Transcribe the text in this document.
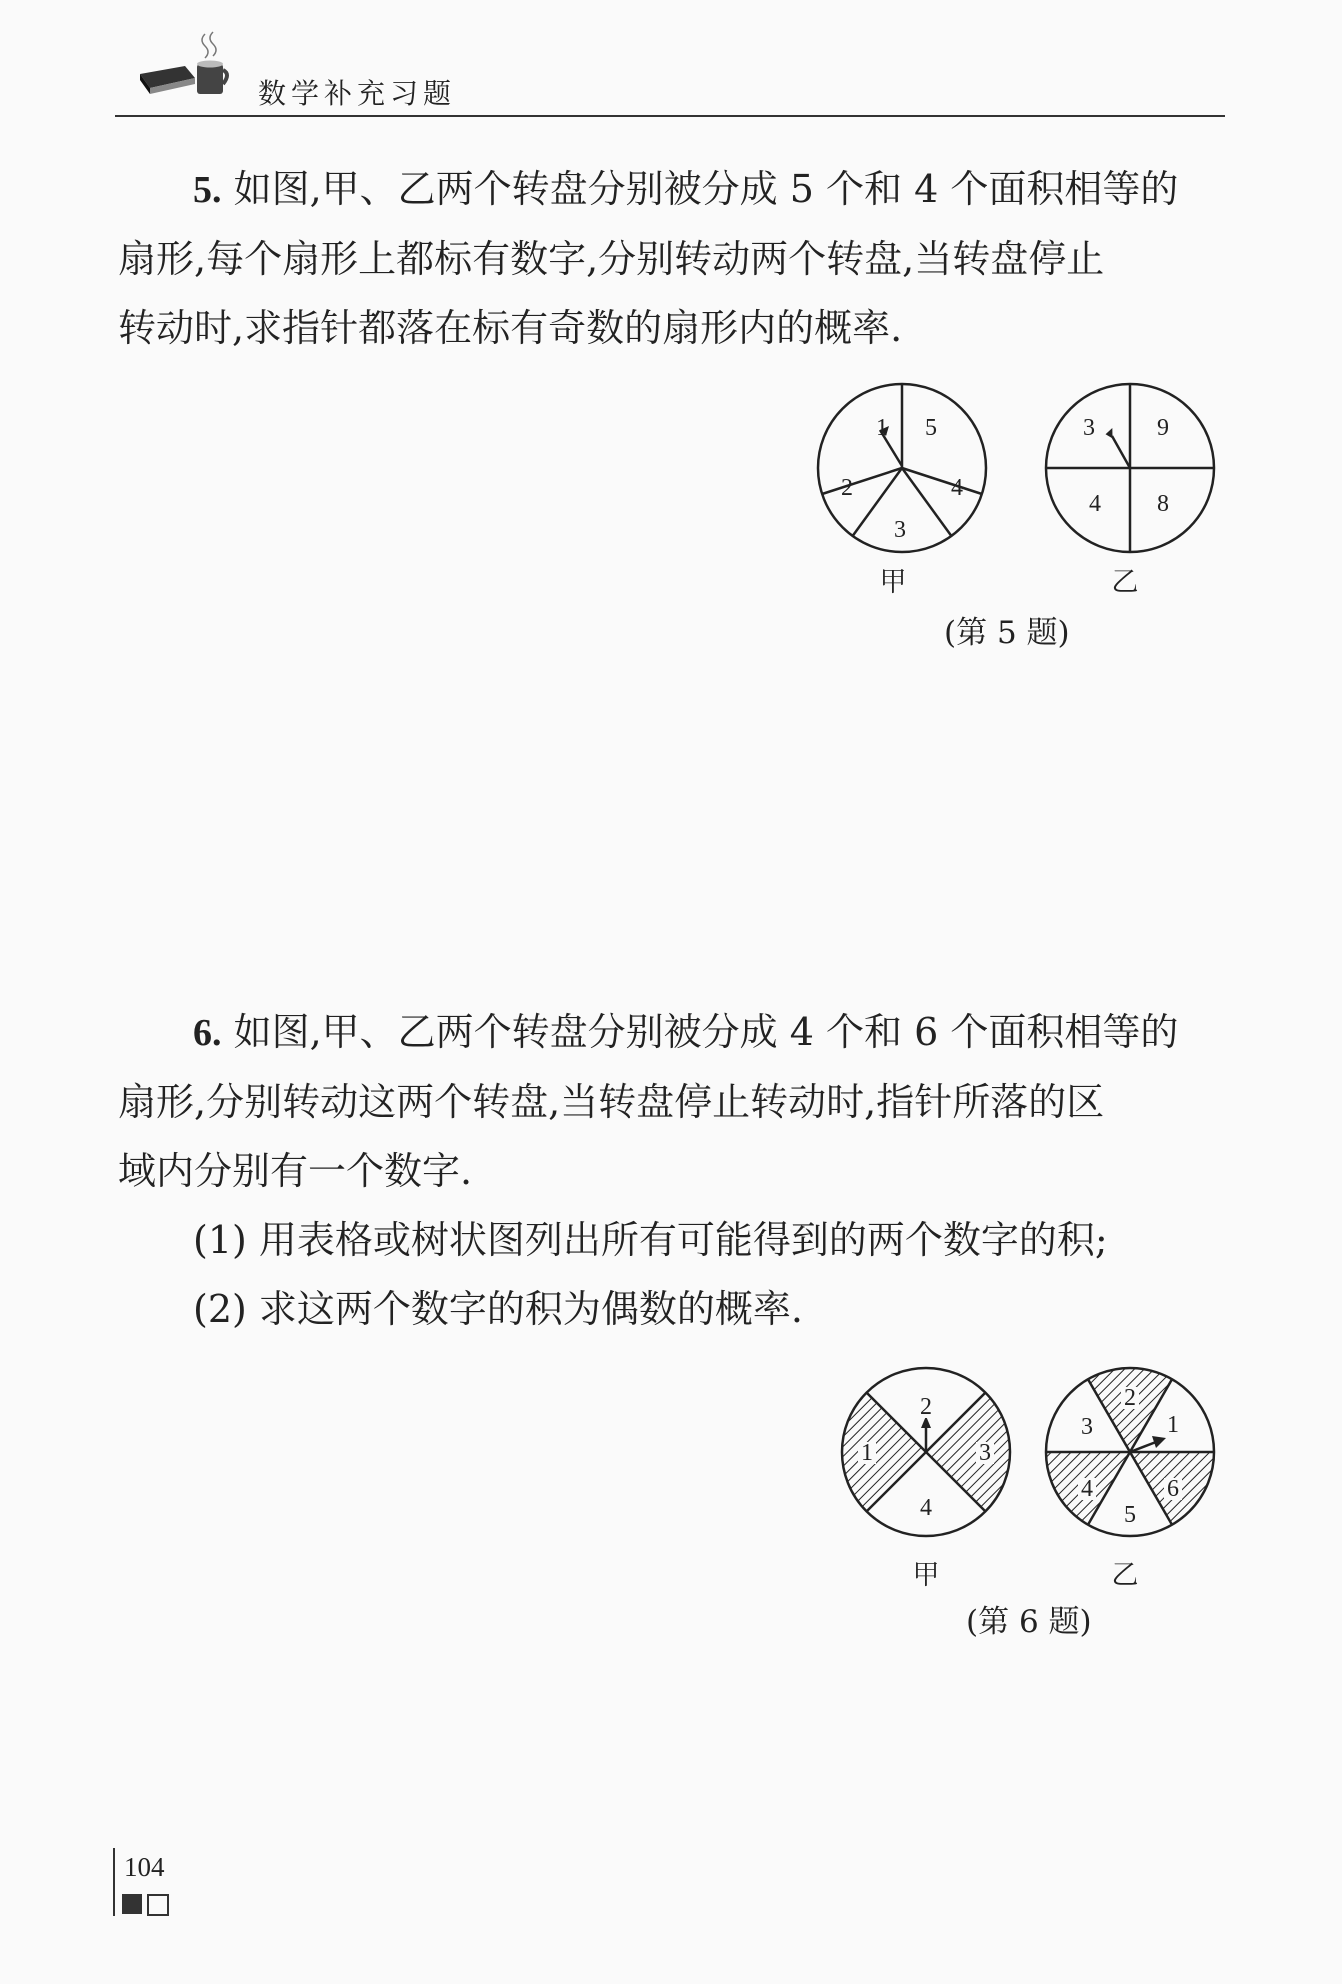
数学补充习题

5. 如图,甲、乙两个转盘分别被分成 5 个和 4 个面积相等的

扇形,每个扇形上都标有数字,分别转动两个转盘,当转盘停止

转动时,求指针都落在标有奇数的扇形内的概率.

1 5
4
3
2
甲
3	9
8
4
乙
(第 5 题)

6. 如图,甲、乙两个转盘分别被分成 4 个和 6 个面积相等的

扇形,分别转动这两个转盘,当转盘停止转动时,指针所落的区

域内分别有一个数字.

(1) 用表格或树状图列出所有可能得到的两个数字的积;

(2) 求这两个数字的积为偶数的概率.

2
3
4
1
甲
2
1
6
5
4
3
乙
(第 6 题)
104
